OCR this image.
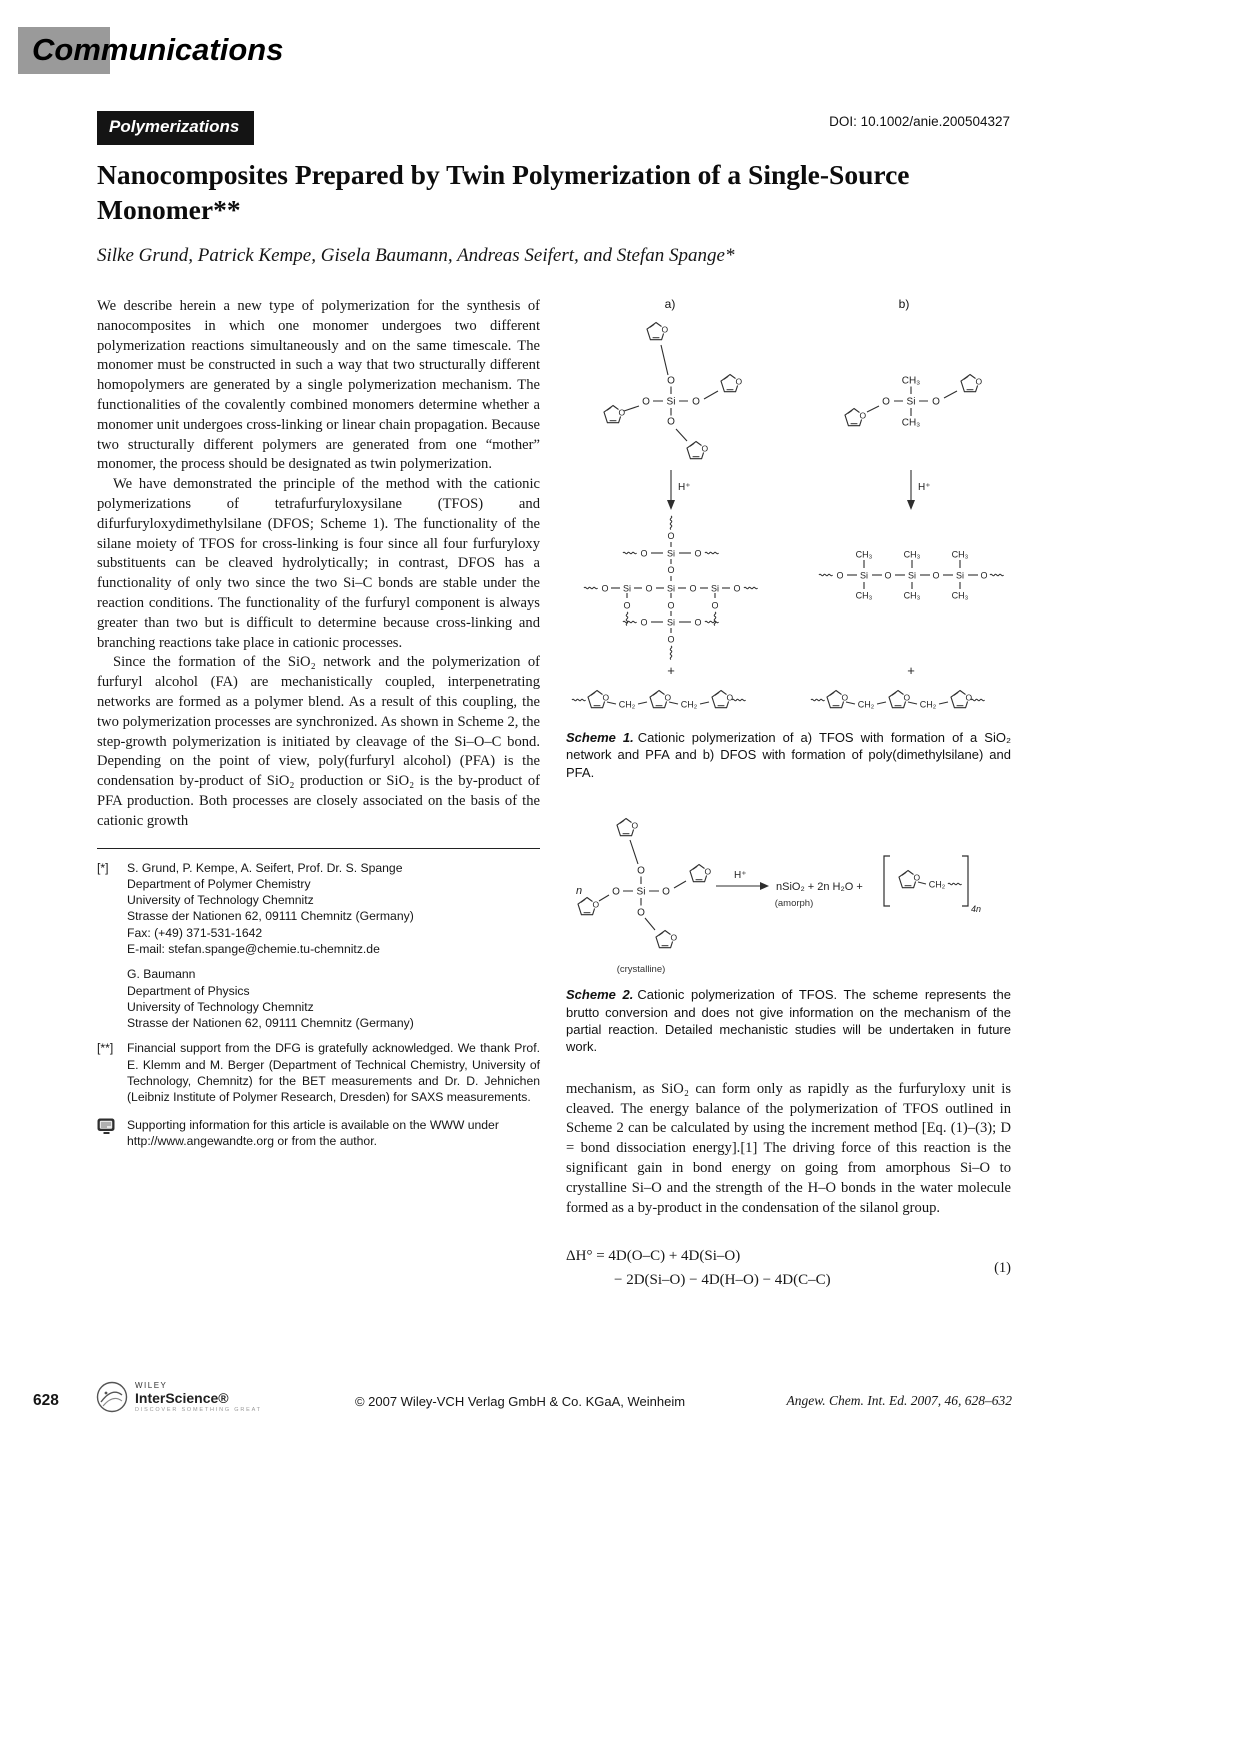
Communications
Polymerizations	DOI: 10.1002/anie.200504327
Nanocomposites Prepared by Twin Polymerization of a Single-Source Monomer**
Silke Grund, Patrick Kempe, Gisela Baumann, Andreas Seifert, and Stefan Spange*

We describe herein a new type of polymerization for the synthesis of nanocomposites in which one monomer undergoes two different polymerization reactions simultaneously and on the same timescale. The monomer must be constructed in such a way that two structurally different homopolymers are generated by a single polymerization mechanism. The functionalities of the covalently combined monomers determine whether a monomer unit undergoes cross-linking or linear chain propagation. Because two structurally different polymers are generated from one “mother” monomer, the process should be designated as twin polymerization.

We have demonstrated the principle of the method with the cationic polymerizations of tetrafurfuryloxysilane (TFOS) and difurfuryloxydimethylsilane (DFOS; Scheme 1). The functionality of the silane moiety of TFOS for cross-linking is four since all four furfuryloxy substituents can be cleaved hydrolytically; in contrast, DFOS has a functionality of only two since the two Si–C bonds are stable under the reaction conditions. The functionality of the furfuryl component is always greater than two but is difficult to determine because cross-linking and branching reactions take place in cationic processes.

Since the formation of the SiO₂ network and the polymerization of furfuryl alcohol (FA) are mechanistically coupled, interpenetrating networks are formed as a polymer blend. As a result of this coupling, the two polymerization processes are synchronized. As shown in Scheme 2, the step-growth polymerization is initiated by cleavage of the Si–O–C bond. Depending on the point of view, poly(furfuryl alcohol) (PFA) is the condensation by-product of SiO₂ production or SiO₂ is the by-product of PFA production. Both processes are closely associated on the basis of the cationic growth

[*]	S. Grund, P. Kempe, A. Seifert, Prof. Dr. S. Spange
Department of Polymer Chemistry
University of Technology Chemnitz
Strasse der Nationen 62, 09111 Chemnitz (Germany)
Fax: (+49) 371-531-1642
E-mail: stefan.spange@chemie.tu-chemnitz.de
G. Baumann
Department of Physics
University of Technology Chemnitz
Strasse der Nationen 62, 09111 Chemnitz (Germany)
[**]	Financial support from the DFG is gratefully acknowledged. We thank Prof. E. Klemm and M. Berger (Department of Technical Chemistry, University of Technology, Chemnitz) for the BET measurements and Dr. D. Jehnichen (Leibniz Institute of Polymer Research, Dresden) for SAXS measurements.
Supporting information for this article is available on the WWW under http://www.angewandte.org or from the author.
a)	b)
Si
O
O	O
O
H⁺
O
O Si O
O
O Si O Si O Si O
O	O	O
O Si O
O
+
CH₂	CH₂
Si
CH₃
CH₃
O	O
H⁺
CH₃	CH₃	CH₃
O Si O Si O Si O
CH₃	CH₃	CH₃
+
CH₂	CH₂
Scheme 1. Cationic polymerization of a) TFOS with formation of a SiO₂ network and PFA and b) DFOS with formation of poly(dimethylsilane) and PFA.
n	Si
O
O
O	O
(crystalline)
H⁺
nSiO₂ + 2n H₂O +
(amorph)
CH₂
4n
Scheme 2. Cationic polymerization of TFOS. The scheme represents the brutto conversion and does not give information on the mechanism of the partial reaction. Detailed mechanistic studies will be undertaken in future work.

mechanism, as SiO₂ can form only as rapidly as the furfuryloxy unit is cleaved. The energy balance of the polymerization of TFOS outlined in Scheme 2 can be calculated by using the increment method [Eq. (1)–(3); D = bond dissociation energy].[1] The driving force of this reaction is the significant gain in bond energy on going from amorphous Si–O to crystalline Si–O and the strength of the H–O bonds in the water molecule formed as a by-product in the condensation of the silanol group.

ΔH° = 4D(O–C) + 4D(Si–O)
− 2D(Si–O) − 4D(H–O) − 4D(C–C)
(1)
628
WILEY
InterScience®
DISCOVER SOMETHING GREAT
© 2007 Wiley-VCH Verlag GmbH & Co. KGaA, Weinheim	Angew. Chem. Int. Ed. 2007, 46, 628–632
